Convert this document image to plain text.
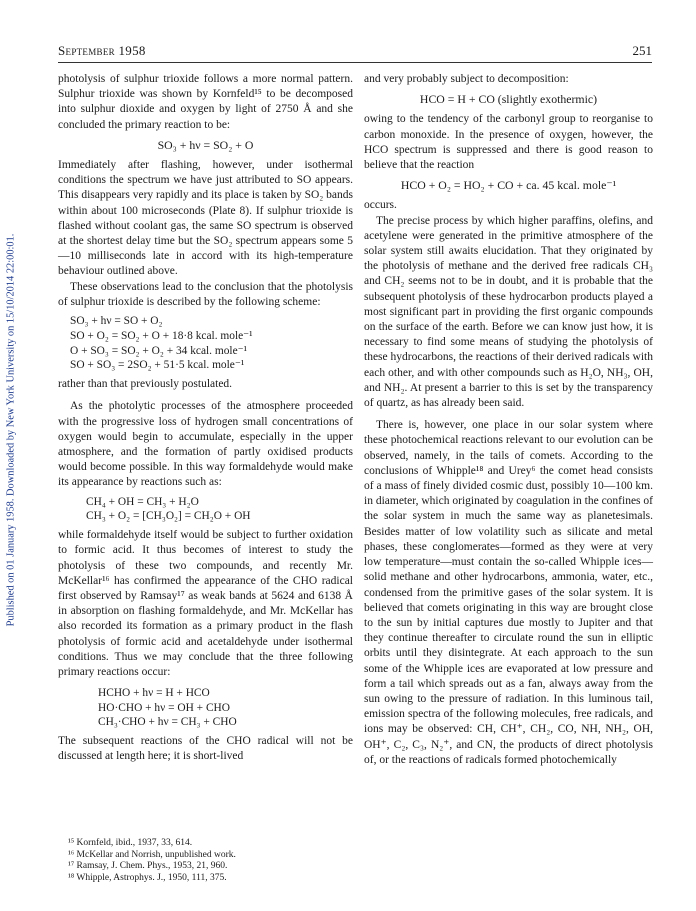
Published on 01 January 1958. Downloaded by New York University on 15/10/2014 22:00:01.
September 1958	251

photolysis of sulphur trioxide follows a more normal pattern. Sulphur trioxide was shown by Kornfeld¹⁵ to be decomposed into sulphur dioxide and oxygen by light of 2750 Å and she concluded the primary reaction to be:

SO₃ + hν = SO₂ + O

Immediately after flashing, however, under isothermal conditions the spectrum we have just attributed to SO appears. This disappears very rapidly and its place is taken by SO₂ bands within about 100 microseconds (Plate 8). If sulphur trioxide is flashed without coolant gas, the same SO spectrum is observed at the shortest delay time but the SO₂ spectrum appears some 5—10 milliseconds late in accord with its high-temperature behaviour outlined above.

These observations lead to the conclusion that the photolysis of sulphur trioxide is described by the following scheme:

SO₃ + hν = SO + O₂
SO + O₂ = SO₂ + O + 18·8 kcal. mole⁻¹
O + SO₃ = SO₂ + O₂ + 34 kcal. mole⁻¹
SO + SO₃ = 2SO₂ + 51·5 kcal. mole⁻¹

rather than that previously postulated.

As the photolytic processes of the atmosphere proceeded with the progressive loss of hydrogen small concentrations of oxygen would begin to accumulate, especially in the upper atmosphere, and the formation of partly oxidised products would become possible. In this way formaldehyde would make its appearance by reactions such as:

CH₄ + OH = CH₃ + H₂O
CH₃ + O₂ = [CH₃O₂] = CH₂O + OH

while formaldehyde itself would be subject to further oxidation to formic acid. It thus becomes of interest to study the photolysis of these two compounds, and recently Mr. McKellar¹⁶ has confirmed the appearance of the CHO radical first observed by Ramsay¹⁷ as weak bands at 5624 and 6138 Å in absorption on flashing formaldehyde, and Mr. McKellar has also recorded its formation as a primary product in the flash photolysis of formic acid and acetaldehyde under isothermal conditions. Thus we may conclude that the three following primary reactions occur:

HCHO + hν = H + HCO
HO·CHO + hν = OH + CHO
CH₃·CHO + hν = CH₃ + CHO

The subsequent reactions of the CHO radical will not be discussed at length here; it is short-lived

¹⁵ Kornfeld, ibid., 1937, 33, 614.
¹⁶ McKellar and Norrish, unpublished work.
¹⁷ Ramsay, J. Chem. Phys., 1953, 21, 960.
¹⁸ Whipple, Astrophys. J., 1950, 111, 375.

and very probably subject to decomposition:

HCO = H + CO (slightly exothermic)

owing to the tendency of the carbonyl group to reorganise to carbon monoxide. In the presence of oxygen, however, the HCO spectrum is suppressed and there is good reason to believe that the reaction

HCO + O₂ = HO₂ + CO + ca. 45 kcal. mole⁻¹

occurs.

The precise process by which higher paraffins, olefins, and acetylene were generated in the primitive atmosphere of the solar system still awaits elucidation. That they originated by the photolysis of methane and the derived free radicals CH₃ and CH₂ seems not to be in doubt, and it is probable that the subsequent photolysis of these hydrocarbon products played a most significant part in providing the first organic compounds on the surface of the earth. Before we can know just how, it is necessary to find some means of studying the photolysis of these hydrocarbons, the reactions of their derived radicals with each other, and with other compounds such as H₂O, NH₃, OH, and NH₂. At present a barrier to this is set by the transparency of quartz, as has already been said.

There is, however, one place in our solar system where these photochemical reactions relevant to our evolution can be observed, namely, in the tails of comets. According to the conclusions of Whipple¹⁸ and Urey⁶ the comet head consists of a mass of finely divided cosmic dust, possibly 10—100 km. in diameter, which originated by coagulation in the confines of the solar system in much the same way as planetesimals. Besides matter of low volatility such as silicate and metal phases, these conglomerates—formed as they were at very low temperature—must contain the so-called Whipple ices—solid methane and other hydrocarbons, ammonia, water, etc., condensed from the primitive gases of the solar system. It is believed that comets originating in this way are brought close to the sun by initial captures due mostly to Jupiter and that they continue thereafter to circulate round the sun in elliptic orbits until they disintegrate. At each approach to the sun some of the Whipple ices are evaporated at low pressure and form a tail which spreads out as a fan, always away from the sun owing to the pressure of radiation. In this luminous tail, emission spectra of the following molecules, free radicals, and ions may be observed: CH, CH⁺, CH₂, CO, NH, NH₂, OH, OH⁺, C₂, C₃, N₂⁺, and CN, the products of direct photolysis of, or the reactions of radicals formed photochemically
